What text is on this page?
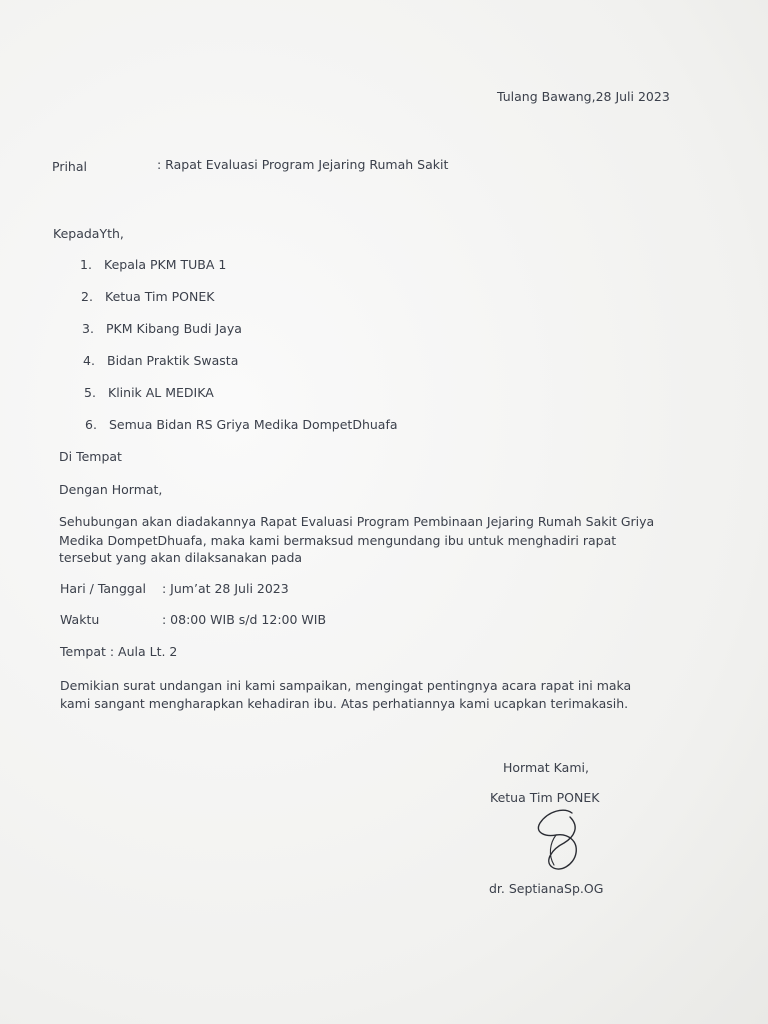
Tulang Bawang,28 Juli 2023
Prihal	: Rapat Evaluasi Program Jejaring Rumah Sakit
KepadaYth,
1. Kepala PKM TUBA 1
2. Ketua Tim PONEK
3. PKM Kibang Budi Jaya
4. Bidan Praktik Swasta
5. Klinik AL MEDIKA
6. Semua Bidan RS Griya Medika DompetDhuafa
Di Tempat
Dengan Hormat,
Sehubungan akan diadakannya Rapat Evaluasi Program Pembinaan Jejaring Rumah Sakit Griya
Medika DompetDhuafa, maka kami bermaksud mengundang ibu untuk menghadiri rapat
tersebut yang akan dilaksanakan pada
Hari / Tanggal : Jum’at 28 Juli 2023
Waktu	: 08:00 WIB s/d 12:00 WIB
Tempat : Aula Lt. 2
Demikian surat undangan ini kami sampaikan, mengingat pentingnya acara rapat ini maka
kami sangant mengharapkan kehadiran ibu. Atas perhatiannya kami ucapkan terimakasih.
Hormat Kami,
Ketua Tim PONEK
dr. SeptianaSp.OG
